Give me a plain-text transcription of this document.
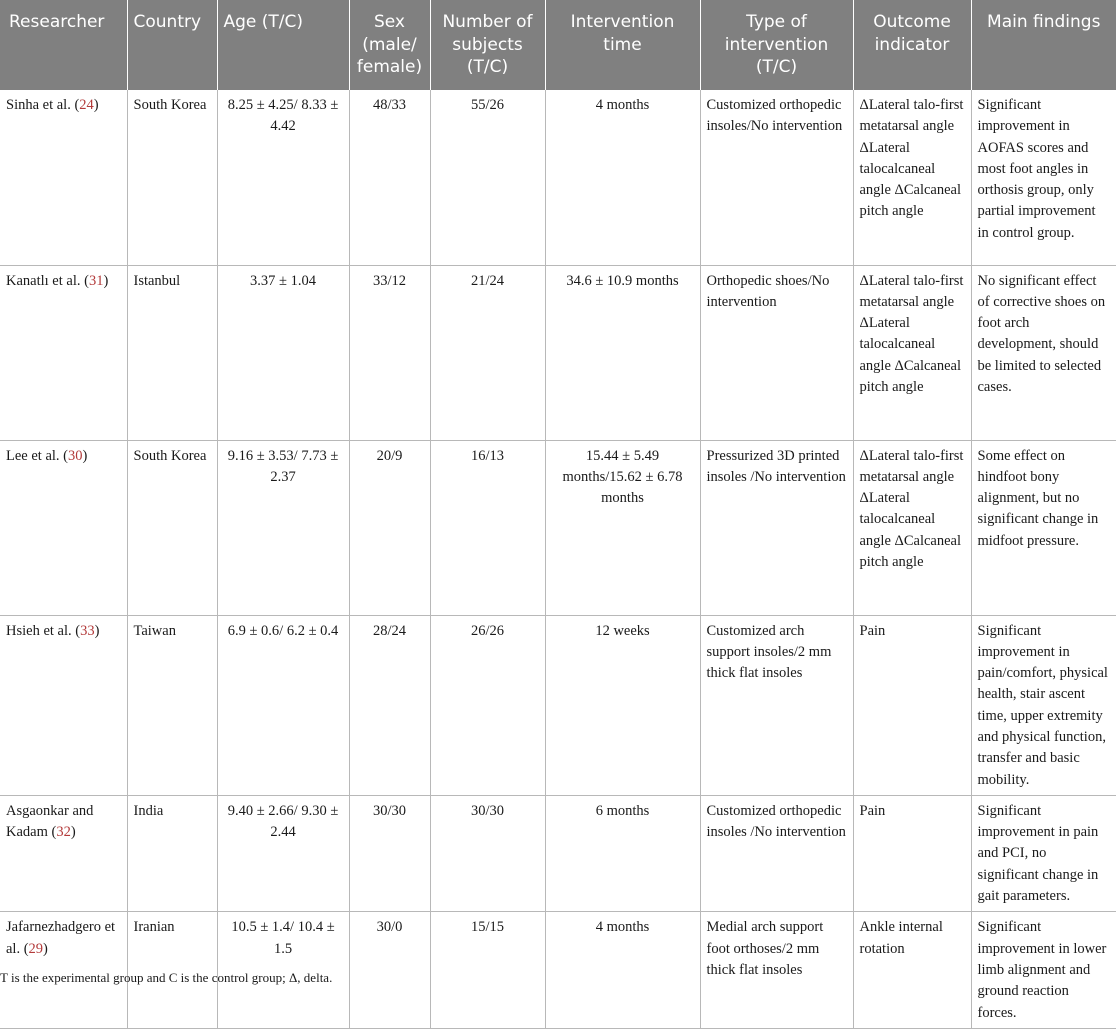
Researcher	Country	Age (T/C)	Sex (male/ female)	Number of subjects (T/C)	Intervention time	Type of intervention (T/C)	Outcome indicator	Main findings
Sinha et al. (24)	South Korea	8.25 ± 4.25/ 8.33 ± 4.42	48/33	55/26	4 months	Customized orthopedic insoles/No intervention	ΔLateral talo-first metatarsal angle ΔLateral talocalcaneal angle ΔCalcaneal pitch angle	Significant improvement in AOFAS scores and most foot angles in orthosis group, only partial improvement in control group.
Kanatlı et al. (31)	Istanbul	3.37 ± 1.04	33/12	21/24	34.6 ± 10.9 months	Orthopedic shoes/No intervention	ΔLateral talo-first metatarsal angle ΔLateral talocalcaneal angle ΔCalcaneal pitch angle	No significant effect of corrective shoes on foot arch development, should be limited to selected cases.
Lee et al. (30)	South Korea	9.16 ± 3.53/ 7.73 ± 2.37	20/9	16/13	15.44 ± 5.49 months/15.62 ± 6.78 months	Pressurized 3D printed insoles /No intervention	ΔLateral talo-first metatarsal angle ΔLateral talocalcaneal angle ΔCalcaneal pitch angle	Some effect on hindfoot bony alignment, but no significant change in midfoot pressure.
Hsieh et al. (33)	Taiwan	6.9 ± 0.6/ 6.2 ± 0.4	28/24	26/26	12 weeks	Customized arch support insoles/2 mm thick flat insoles	Pain	Significant improvement in pain/comfort, physical health, stair ascent time, upper extremity and physical function, transfer and basic mobility.
Asgaonkar and Kadam (32)	India	9.40 ± 2.66/ 9.30 ± 2.44	30/30	30/30	6 months	Customized orthopedic insoles /No intervention	Pain	Significant improvement in pain and PCI, no significant change in gait parameters.
Jafarnezhadgero et al. (29)	Iranian	10.5 ± 1.4/ 10.4 ± 1.5	30/0	15/15	4 months	Medial arch support foot orthoses/2 mm thick flat insoles	Ankle internal rotation	Significant improvement in lower limb alignment and ground reaction forces.
T is the experimental group and C is the control group; Δ, delta.
